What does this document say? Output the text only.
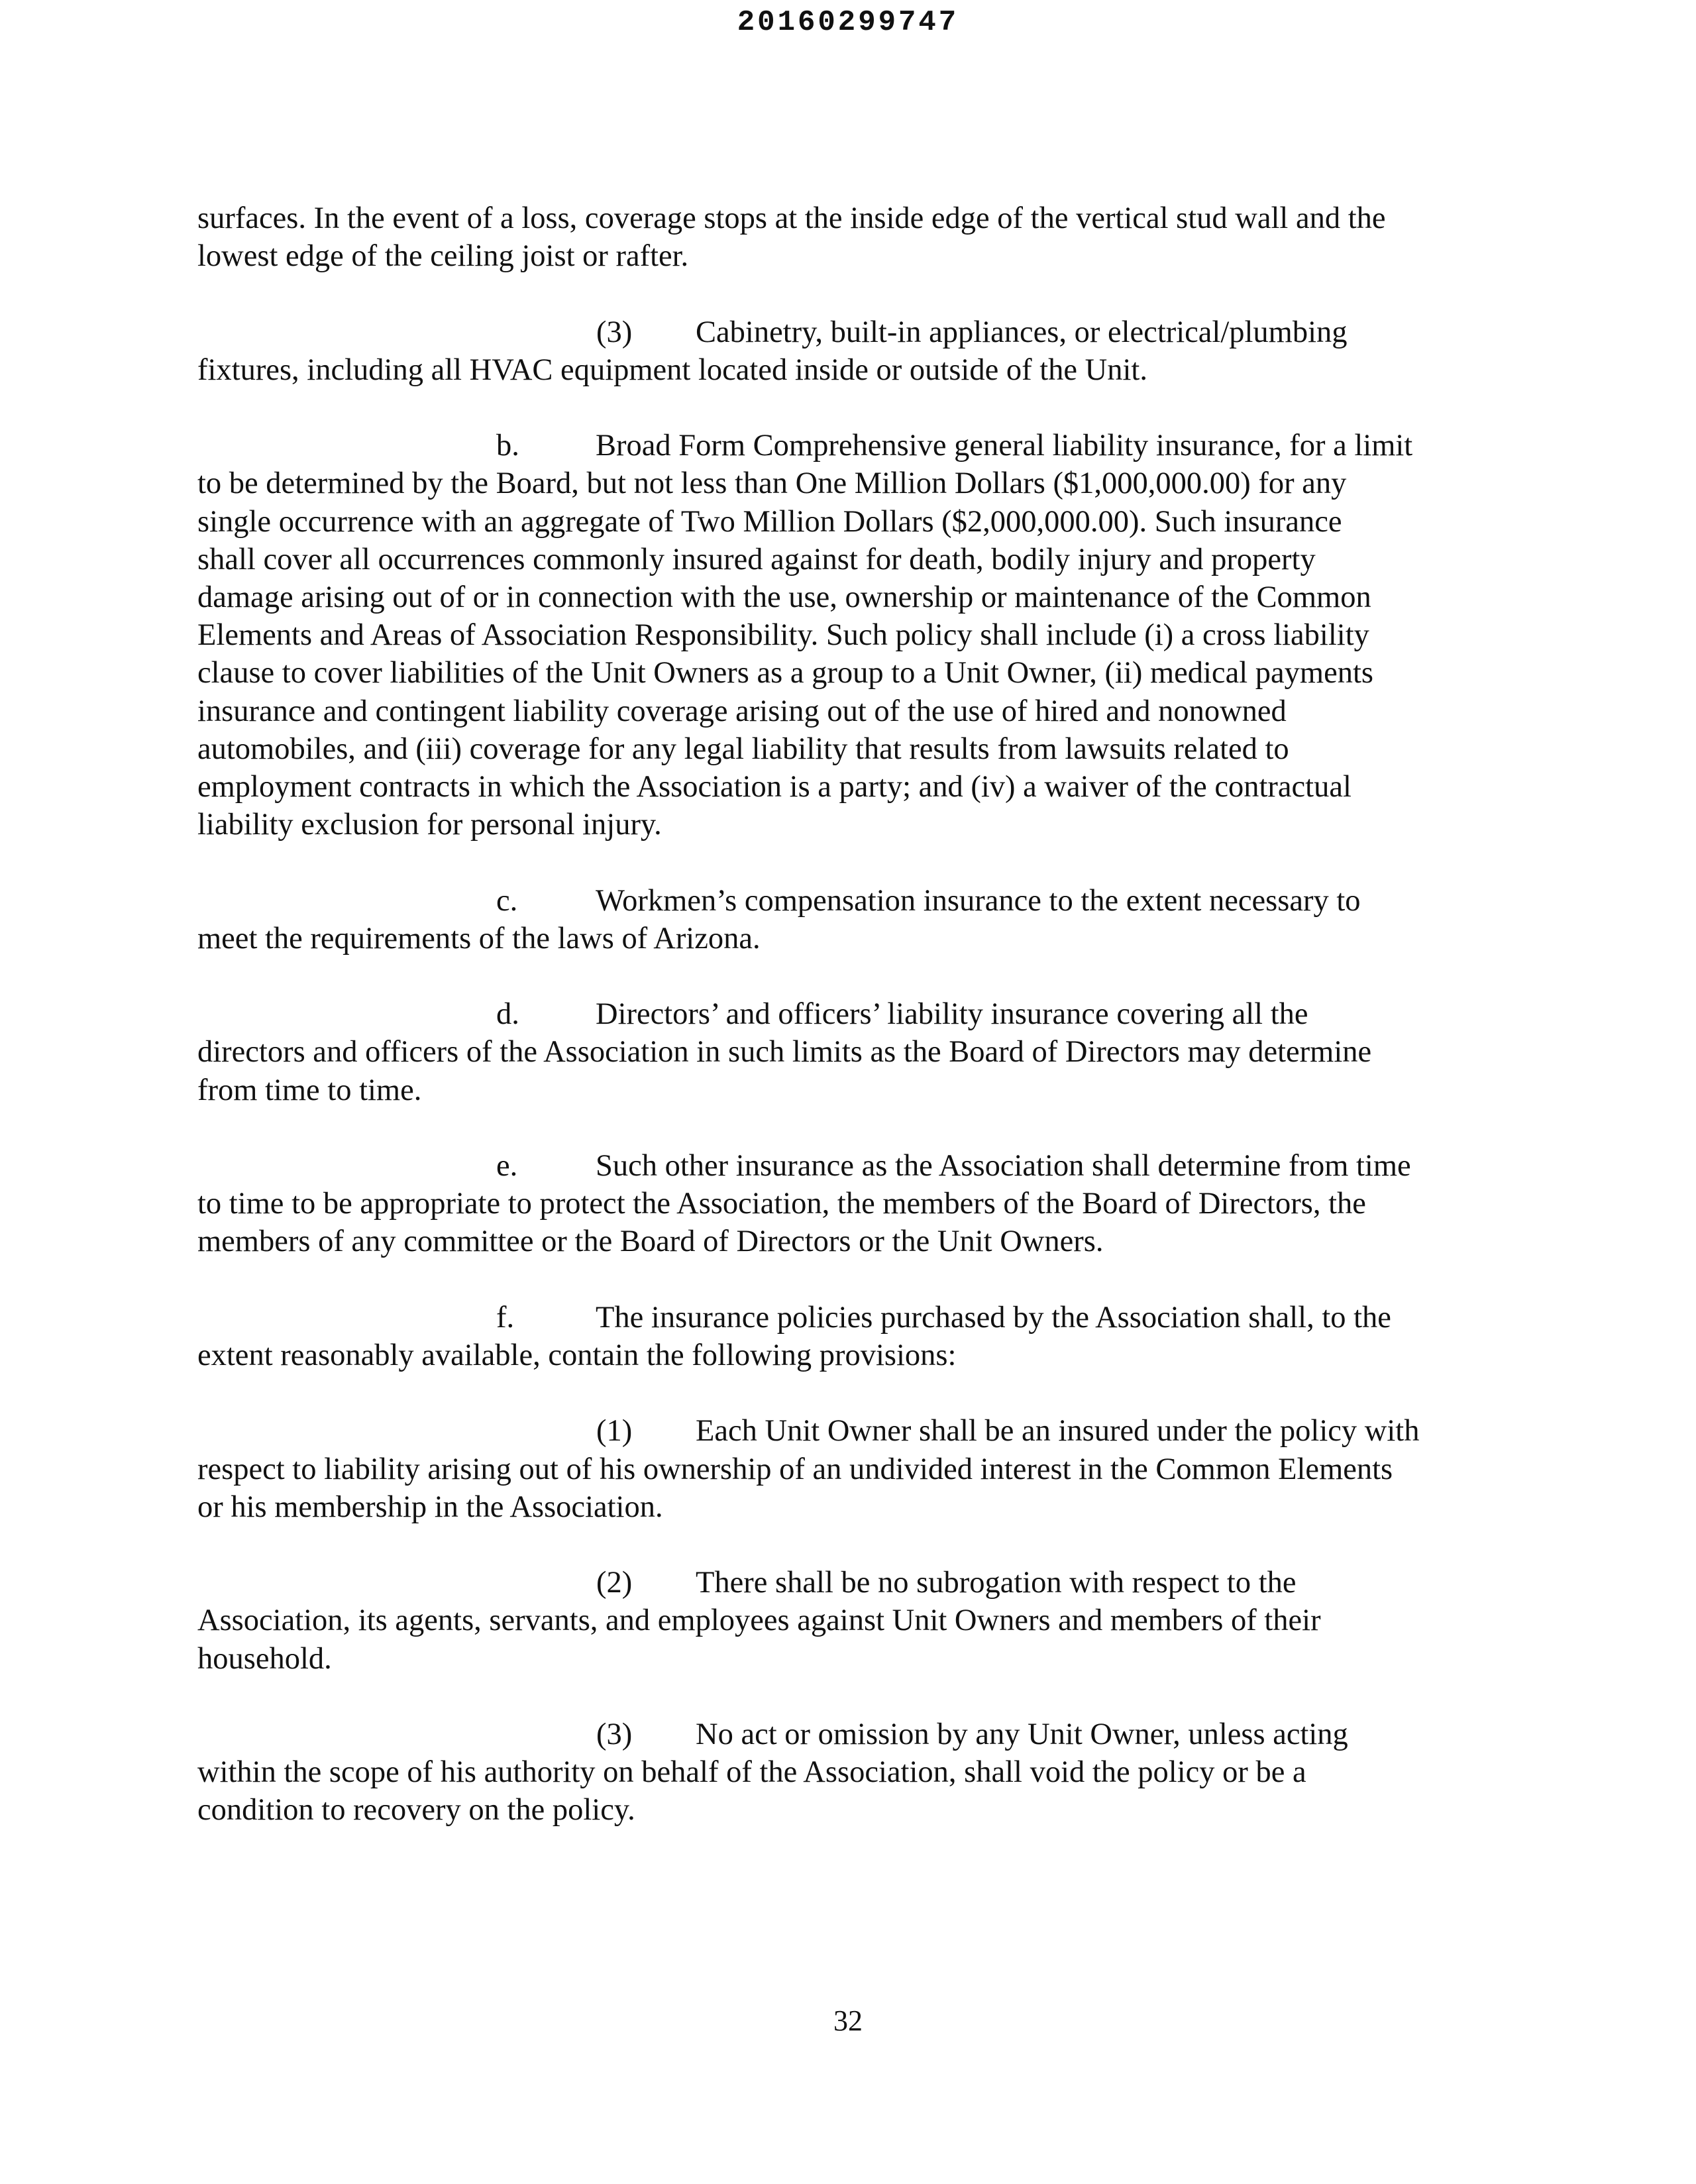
20160299747
surfaces. In the event of a loss, coverage stops at the inside edge of the vertical stud wall and the
lowest edge of the ceiling joist or rafter.
(3) Cabinetry, built-in appliances, or electrical/plumbing
fixtures, including all HVAC equipment located inside or outside of the Unit.
b. Broad Form Comprehensive general liability insurance, for a limit
to be determined by the Board, but not less than One Million Dollars ($1,000,000.00) for any
single occurrence with an aggregate of Two Million Dollars ($2,000,000.00). Such insurance
shall cover all occurrences commonly insured against for death, bodily injury and property
damage arising out of or in connection with the use, ownership or maintenance of the Common
Elements and Areas of Association Responsibility. Such policy shall include (i) a cross liability
clause to cover liabilities of the Unit Owners as a group to a Unit Owner, (ii) medical payments
insurance and contingent liability coverage arising out of the use of hired and nonowned
automobiles, and (iii) coverage for any legal liability that results from lawsuits related to
employment contracts in which the Association is a party; and (iv) a waiver of the contractual
liability exclusion for personal injury.
c.	Workmen’s compensation insurance to the extent necessary to
meet the requirements of the laws of Arizona.
d. Directors’ and officers’ liability insurance covering all the
directors and officers of the Association in such limits as the Board of Directors may determine
from time to time.
e.	Such other insurance as the Association shall determine from time
to time to be appropriate to protect the Association, the members of the Board of Directors, the
members of any committee or the Board of Directors or the Unit Owners.
f.	The insurance policies purchased by the Association shall, to the
extent reasonably available, contain the following provisions:
(1) Each Unit Owner shall be an insured under the policy with
respect to liability arising out of his ownership of an undivided interest in the Common Elements
or his membership in the Association.
(2) There shall be no subrogation with respect to the
Association, its agents, servants, and employees against Unit Owners and members of their
household.
(3) No act or omission by any Unit Owner, unless acting
within the scope of his authority on behalf of the Association, shall void the policy or be a
condition to recovery on the policy.
32
